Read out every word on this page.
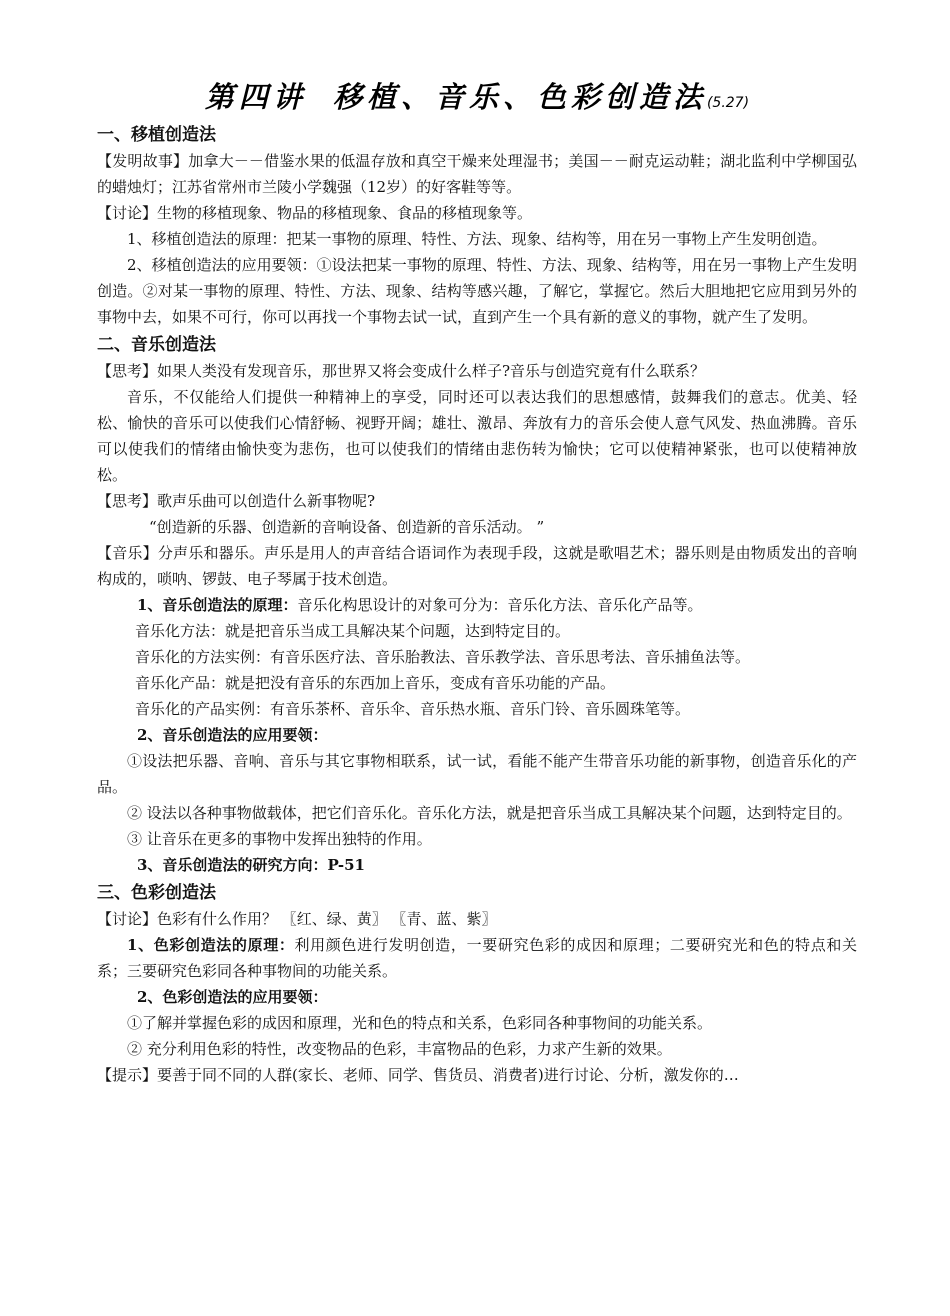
第四讲 移植、音乐、色彩创造法(5.27)
一、移植创造法

【发明故事】加拿大－－借鉴水果的低温存放和真空干燥来处理湿书；美国－－耐克运动鞋；湖北监利中学柳国弘的蜡烛灯；江苏省常州市兰陵小学魏强（12岁）的好客鞋等等。

【讨论】生物的移植现象、物品的移植现象、食品的移植现象等。

1、移植创造法的原理：把某一事物的原理、特性、方法、现象、结构等，用在另一事物上产生发明创造。

2、移植创造法的应用要领：①设法把某一事物的原理、特性、方法、现象、结构等，用在另一事物上产生发明创造。②对某一事物的原理、特性、方法、现象、结构等感兴趣，了解它，掌握它。然后大胆地把它应用到另外的事物中去，如果不可行，你可以再找一个事物去试一试，直到产生一个具有新的意义的事物，就产生了发明。

二、音乐创造法

【思考】如果人类没有发现音乐，那世界又将会变成什么样子?音乐与创造究竟有什么联系？

音乐，不仅能给人们提供一种精神上的享受，同时还可以表达我们的思想感情，鼓舞我们的意志。优美、轻松、愉快的音乐可以使我们心情舒畅、视野开阔；雄壮、激昂、奔放有力的音乐会使人意气风发、热血沸腾。音乐可以使我们的情绪由愉快变为悲伤，也可以使我们的情绪由悲伤转为愉快；它可以使精神紧张，也可以使精神放松。

【思考】歌声乐曲可以创造什么新事物呢?

“创造新的乐器、创造新的音响设备、创造新的音乐活动。 ”

【音乐】分声乐和器乐。声乐是用人的声音结合语词作为表现手段，这就是歌唱艺术；器乐则是由物质发出的音响构成的，唢呐、锣鼓、电子琴属于技术创造。

1、音乐创造法的原理：音乐化构思设计的对象可分为：音乐化方法、音乐化产品等。

音乐化方法：就是把音乐当成工具解决某个问题，达到特定目的。

音乐化的方法实例：有音乐医疗法、音乐胎教法、音乐教学法、音乐思考法、音乐捕鱼法等。

音乐化产品：就是把没有音乐的东西加上音乐，变成有音乐功能的产品。

音乐化的产品实例：有音乐茶杯、音乐伞、音乐热水瓶、音乐门铃、音乐圆珠笔等。

2、音乐创造法的应用要领：

①设法把乐器、音响、音乐与其它事物相联系，试一试，看能不能产生带音乐功能的新事物，创造音乐化的产品。

② 设法以各种事物做载体，把它们音乐化。音乐化方法，就是把音乐当成工具解决某个问题，达到特定目的。

③ 让音乐在更多的事物中发挥出独特的作用。

3、音乐创造法的研究方向：P-51

三、色彩创造法

【讨论】色彩有什么作用？ 〖红、绿、黄〗 〖青、蓝、紫〗

1、色彩创造法的原理：利用颜色进行发明创造，一要研究色彩的成因和原理；二要研究光和色的特点和关系；三要研究色彩同各种事物间的功能关系。

2、色彩创造法的应用要领：

①了解并掌握色彩的成因和原理，光和色的特点和关系，色彩同各种事物间的功能关系。

② 充分利用色彩的特性，改变物品的色彩，丰富物品的色彩，力求产生新的效果。

【提示】要善于同不同的人群(家长、老师、同学、售货员、消费者)进行讨论、分析，激发你的…
